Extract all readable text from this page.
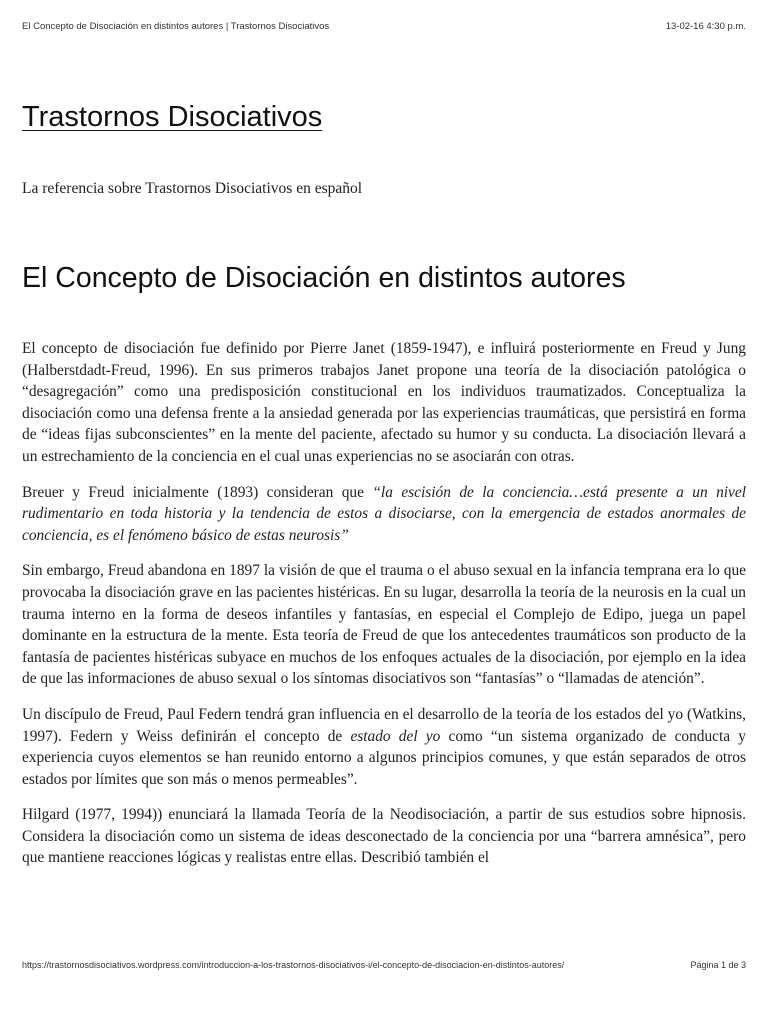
El Concepto de Disociación en distintos autores | Trastornos Disociativos	13-02-16 4:30 p.m.
Trastornos Disociativos

La referencia sobre Trastornos Disociativos en español

El Concepto de Disociación en distintos autores

El concepto de disociación fue definido por Pierre Janet (1859-1947), e influirá posteriormente en Freud y Jung (Halberstdadt-Freud, 1996). En sus primeros trabajos Janet propone una teoría de la disociación patológica o “desagregación” como una predisposición constitucional en los individuos traumatizados. Conceptualiza la disociación como una defensa frente a la ansiedad generada por las experiencias traumáticas, que persistirá en forma de “ideas fijas subconscientes” en la mente del paciente, afectado su humor y su conducta. La disociación llevará a un estrechamiento de la conciencia en el cual unas experiencias no se asociarán con otras.

Breuer y Freud inicialmente (1893) consideran que “la escisión de la conciencia…está presente a un nivel rudimentario en toda historia y la tendencia de estos a disociarse, con la emergencia de estados anormales de conciencia, es el fenómeno básico de estas neurosis”

Sin embargo, Freud abandona en 1897 la visión de que el trauma o el abuso sexual en la infancia temprana era lo que provocaba la disociación grave en las pacientes histéricas. En su lugar, desarrolla la teoría de la neurosis en la cual un trauma interno en la forma de deseos infantiles y fantasías, en especial el Complejo de Edipo, juega un papel dominante en la estructura de la mente. Esta teoría de Freud de que los antecedentes traumáticos son producto de la fantasía de pacientes histéricas subyace en muchos de los enfoques actuales de la disociación, por ejemplo en la idea de que las informaciones de abuso sexual o los síntomas disociativos son “fantasías” o “llamadas de atención”.

Un discípulo de Freud, Paul Federn tendrá gran influencia en el desarrollo de la teoría de los estados del yo (Watkins, 1997). Federn y Weiss definirán el concepto de estado del yo como “un sistema organizado de conducta y experiencia cuyos elementos se han reunido entorno a algunos principios comunes, y que están separados de otros estados por límites que son más o menos permeables”.

Hilgard (1977, 1994)) enunciará la llamada Teoría de la Neodisociación, a partir de sus estudios sobre hipnosis. Considera la disociación como un sistema de ideas desconectado de la conciencia por una “barrera amnésica”, pero que mantiene reacciones lógicas y realistas entre ellas. Describió también el

https://trastornosdisociativos.wordpress.com/introduccion-a-los-trastornos-disociativos-i/el-concepto-de-disociacion-en-distintos-autores/	Página 1 de 3
